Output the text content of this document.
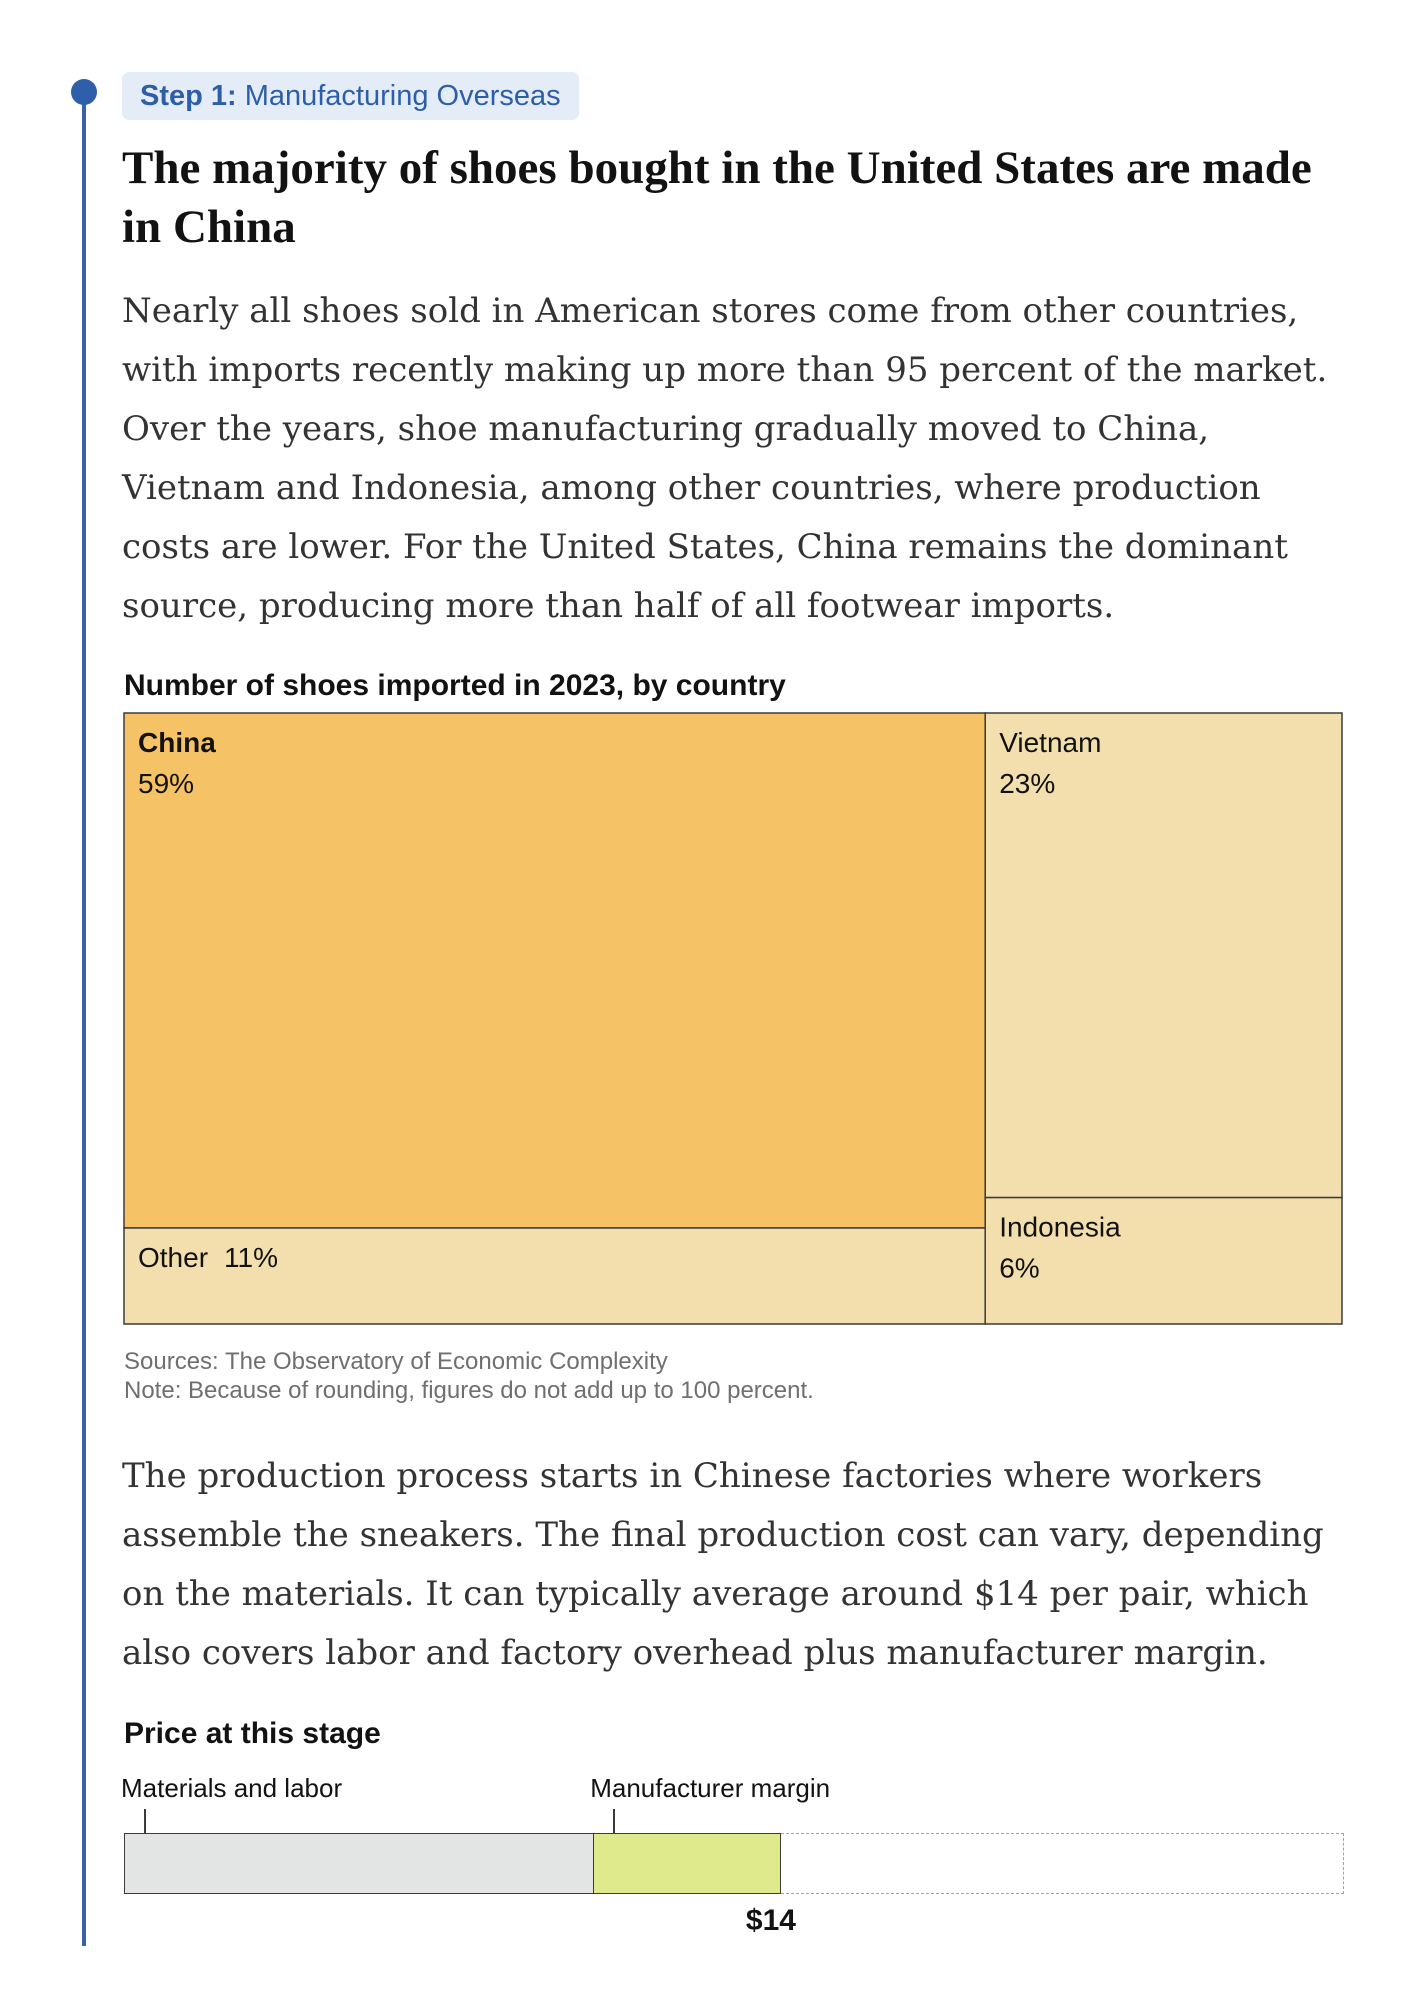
Step 1: Manufacturing Overseas
The majority of shoes bought in the United States are made
in China

Nearly all shoes sold in American stores come from other countries,
with imports recently making up more than 95 percent of the market.
Over the years, shoe manufacturing gradually moved to China,
Vietnam and Indonesia, among other countries, where production
costs are lower. For the United States, China remains the dominant
source, producing more than half of all footwear imports.

Number of shoes imported in 2023, by country
China
59%
Other 11%
Vietnam
23%
Indonesia
6%
Sources: The Observatory of Economic Complexity
Note: Because of rounding, figures do not add up to 100 percent.

The production process starts in Chinese factories where workers
assemble the sneakers. The final production cost can vary, depending
on the materials. It can typically average around $14 per pair, which
also covers labor and factory overhead plus manufacturer margin.

Price at this stage
Materials and labor	Manufacturer margin
$14
